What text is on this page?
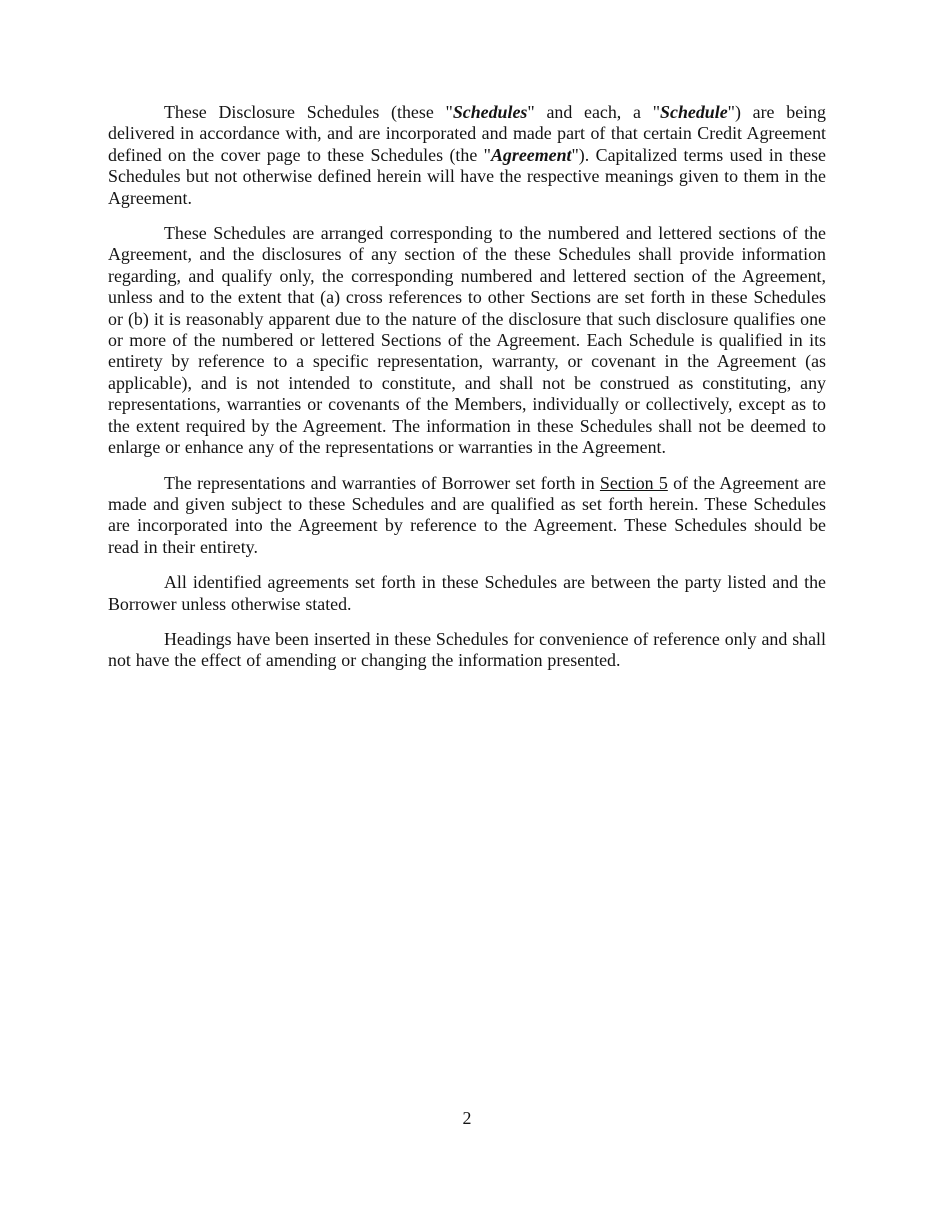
These Disclosure Schedules (these "Schedules" and each, a "Schedule") are being delivered in accordance with, and are incorporated and made part of that certain Credit Agreement defined on the cover page to these Schedules (the "Agreement"). Capitalized terms used in these Schedules but not otherwise defined herein will have the respective meanings given to them in the Agreement.

These Schedules are arranged corresponding to the numbered and lettered sections of the Agreement, and the disclosures of any section of the these Schedules shall provide information regarding, and qualify only, the corresponding numbered and lettered section of the Agreement, unless and to the extent that (a) cross references to other Sections are set forth in these Schedules or (b) it is reasonably apparent due to the nature of the disclosure that such disclosure qualifies one or more of the numbered or lettered Sections of the Agreement. Each Schedule is qualified in its entirety by reference to a specific representation, warranty, or covenant in the Agreement (as applicable), and is not intended to constitute, and shall not be construed as constituting, any representations, warranties or covenants of the Members, individually or collectively, except as to the extent required by the Agreement. The information in these Schedules shall not be deemed to enlarge or enhance any of the representations or warranties in the Agreement.

The representations and warranties of Borrower set forth in Section 5 of the Agreement are made and given subject to these Schedules and are qualified as set forth herein. These Schedules are incorporated into the Agreement by reference to the Agreement. These Schedules should be read in their entirety.

All identified agreements set forth in these Schedules are between the party listed and the Borrower unless otherwise stated.

Headings have been inserted in these Schedules for convenience of reference only and shall not have the effect of amending or changing the information presented.

2
